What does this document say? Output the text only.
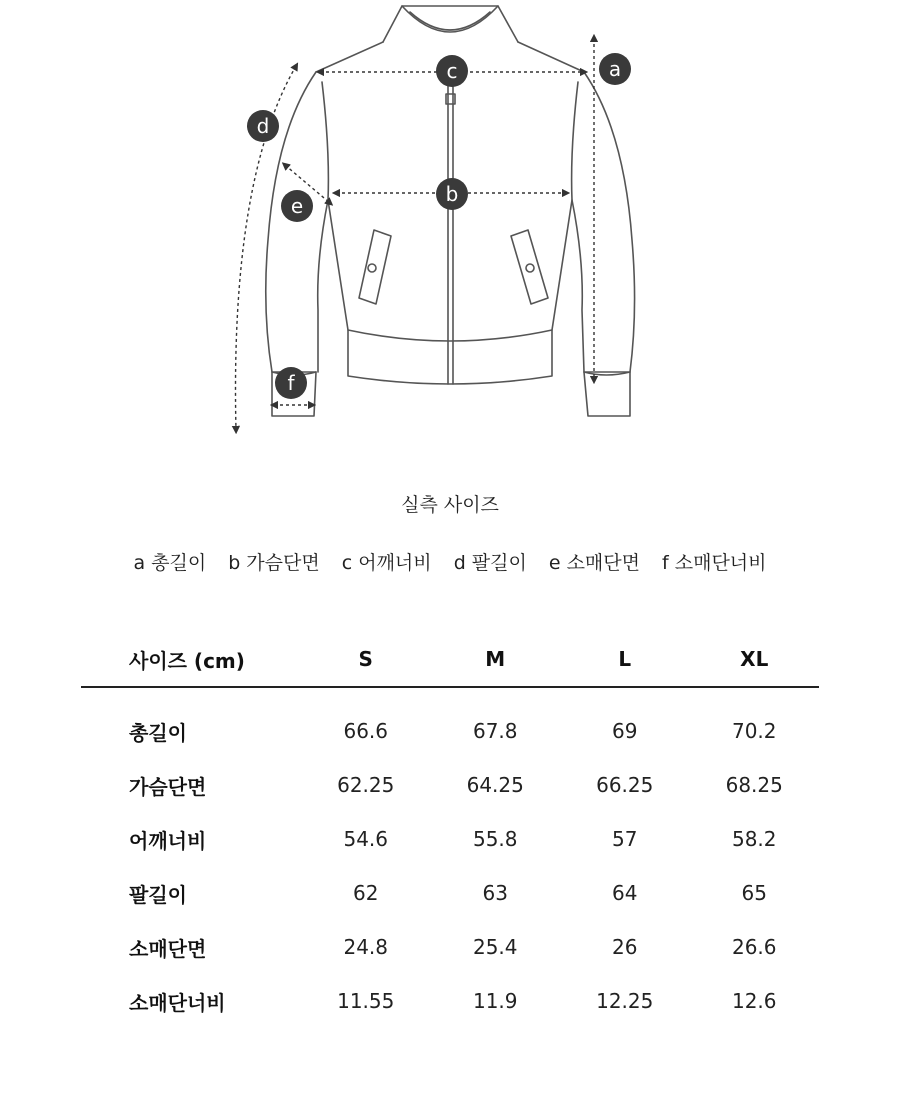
c	a
b
d
e
f
실측 사이즈
a 총길이 b 가슴단면 c 어깨너비 d 팔길이 e 소매단면 f 소매단너비
사이즈 (cm)	S	M	L	XL
총길이	66.6	67.8	69	70.2
가슴단면	62.25	64.25	66.25	68.25
어깨너비	54.6	55.8	57	58.2
팔길이	62	63	64	65
소매단면	24.8	25.4	26	26.6
소매단너비	11.55	11.9	12.25	12.6
